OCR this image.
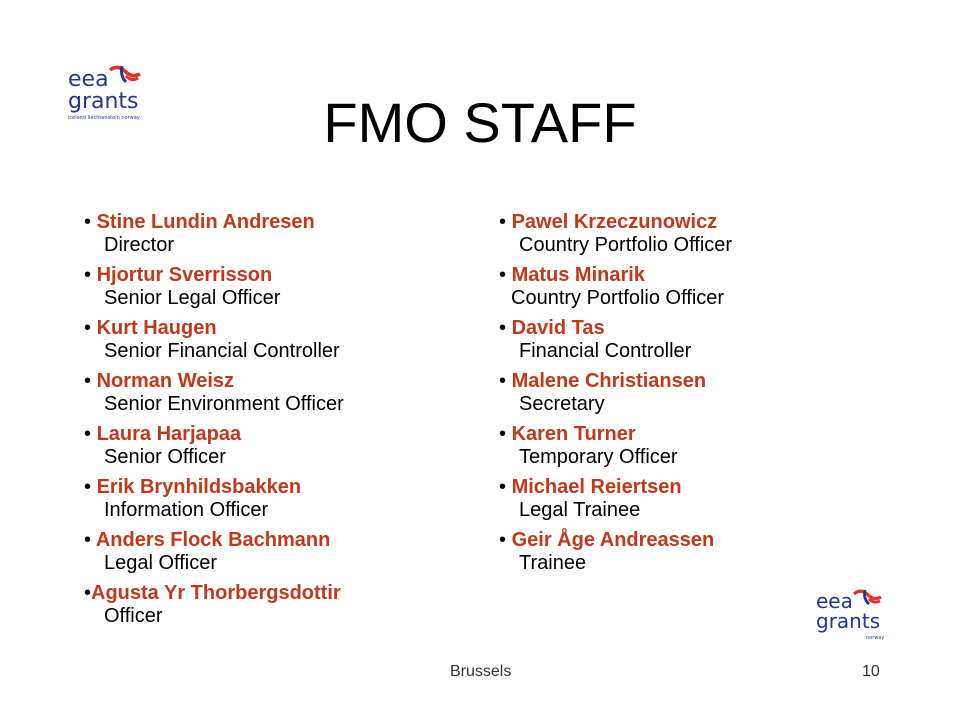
eea
grants
iceland liechtenstein norway	FMO STAFF
• Stine Lundin Andresen
Director
• Hjortur Sverrisson
Senior Legal Officer
• Kurt Haugen
Senior Financial Controller
• Norman Weisz
Senior Environment Officer
• Laura Harjapaa
Senior Officer
• Erik Brynhildsbakken
Information Officer
• Anders Flock Bachmann
Legal Officer
•Agusta Yr Thorbergsdottir
Officer
• Pawel Krzeczunowicz
Country Portfolio Officer
• Matus Minarik
Country Portfolio Officer
• David Tas
Financial Controller
• Malene Christiansen
Secretary
• Karen Turner
Temporary Officer
• Michael Reiertsen
Legal Trainee
• Geir Åge Andreassen
Trainee
eea
grants
norway
Brussels	10
